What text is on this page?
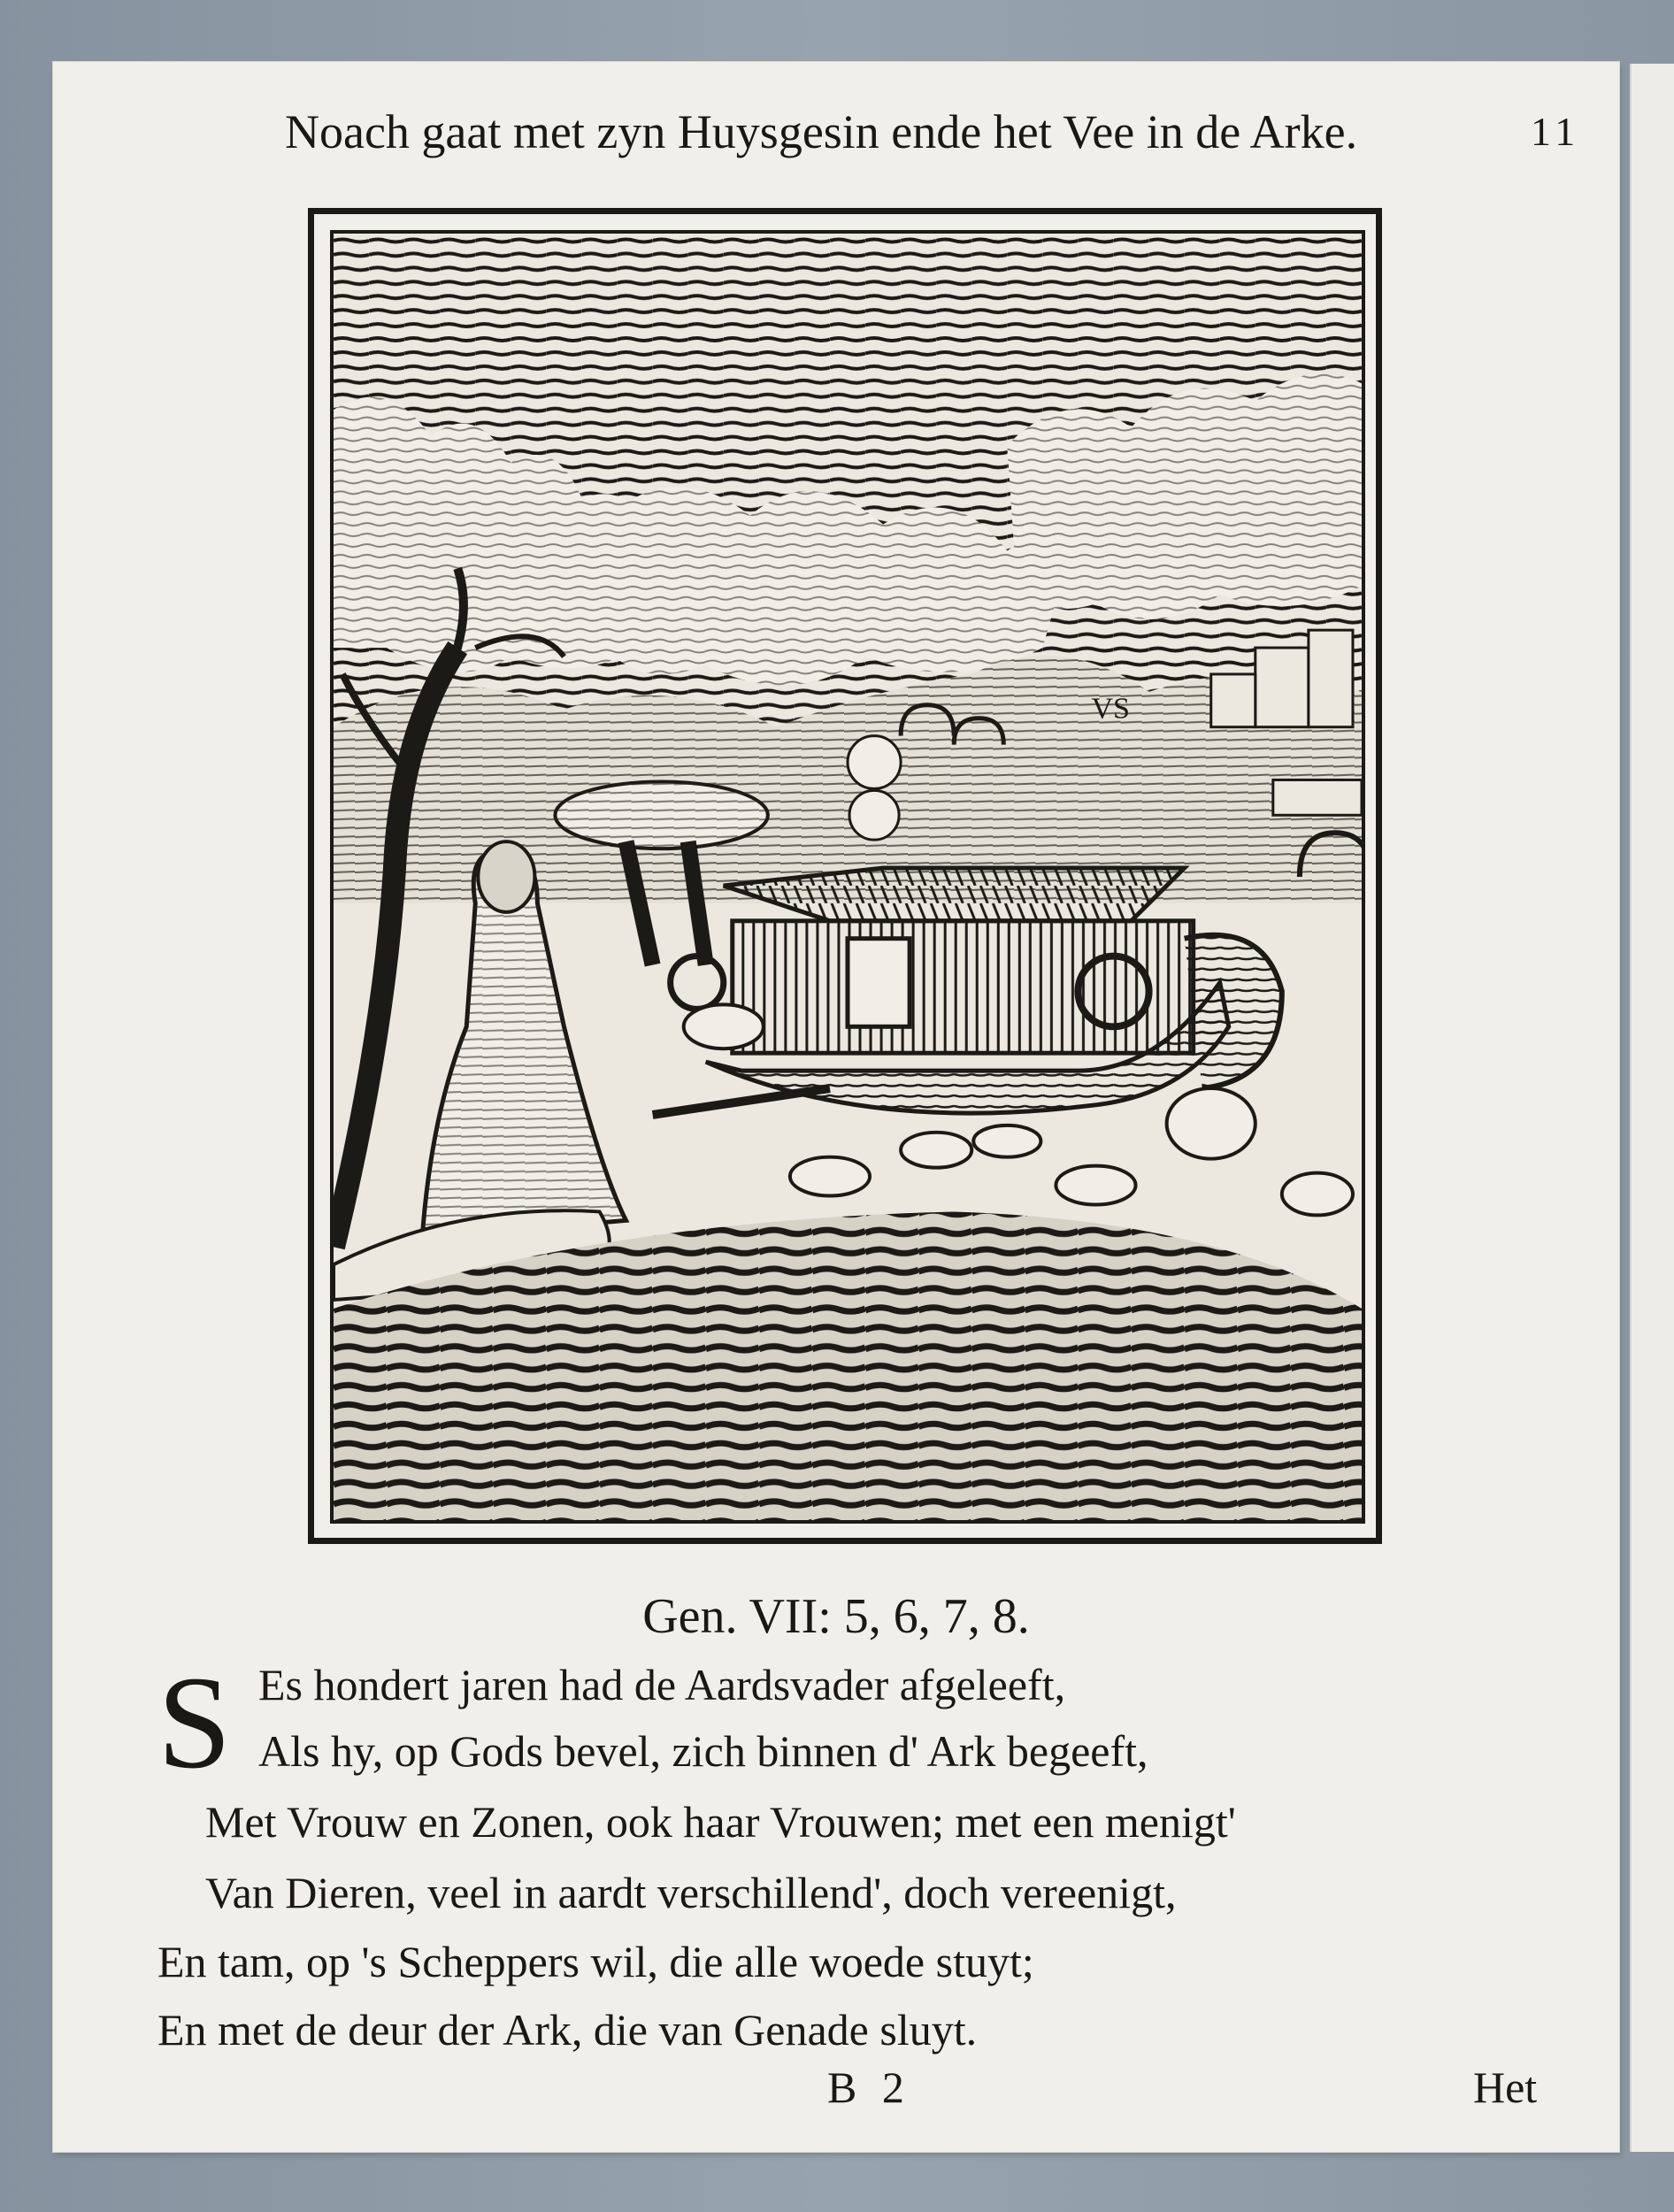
Noach gaat met zyn Huysgesin ende het Vee in de Arke.	11
VS
Gen. VII: 5, 6, 7, 8.
S Es hondert jaren had de Aardsvader afgeleeft,
Als hy, op Gods bevel, zich binnen d' Ark begeeft,
Met Vrouw en Zonen, ook haar Vrouwen; met een menigt'
Van Dieren, veel in aardt verschillend', doch vereenigt,
En tam, op 's Scheppers wil, die alle woede stuyt;
En met de deur der Ark, die van Genade sluyt.
B 2	Het
